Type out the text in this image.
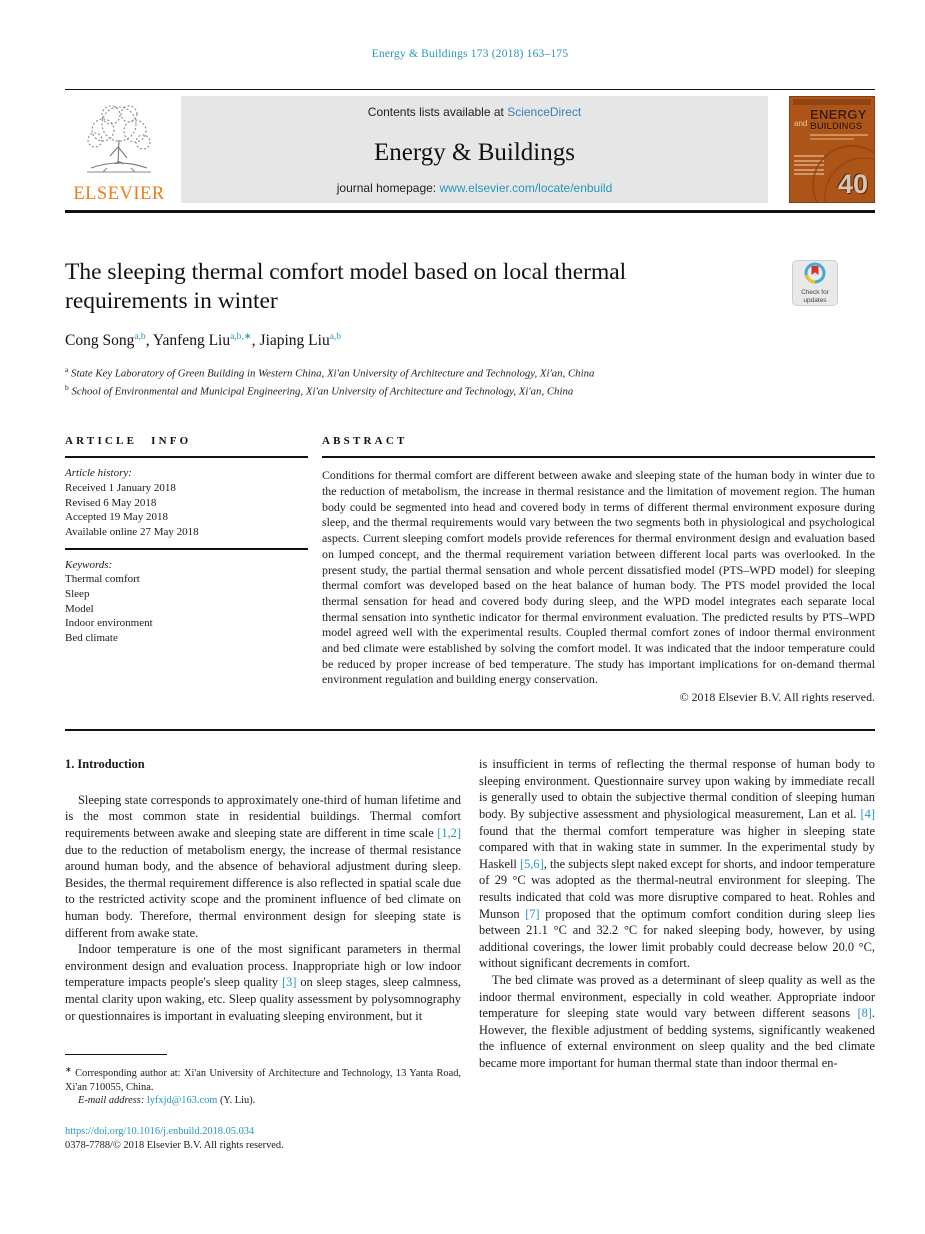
Energy & Buildings 173 (2018) 163–175
ELSEVIER
Contents lists available at ScienceDirect
Energy & Buildings
journal homepage: www.elsevier.com/locate/enbuild
and
ENERGY
BUILDINGS
40
The sleeping thermal comfort model based on local thermal requirements in winter	Check for
updates
Cong Song$^{a,b}$, Yanfeng Liu$^{a,b,∗}$, Jiaping Liu$^{a,b}$
$^a$ State Key Laboratory of Green Building in Western China, Xi'an University of Architecture and Technology, Xi'an, China
$^b$ School of Environmental and Municipal Engineering, Xi'an University of Architecture and Technology, Xi'an, China
ARTICLE INFO
Article history:
Received 1 January 2018
Revised 6 May 2018
Accepted 19 May 2018
Available online 27 May 2018
Keywords:
Thermal comfort
Sleep
Model
Indoor environment
Bed climate
ABSTRACT
Conditions for thermal comfort are different between awake and sleeping state of the human body in winter due to the reduction of metabolism, the increase in thermal resistance and the limitation of movement region. The human body could be segmented into head and covered body in terms of different thermal environment exposure during sleep, and the thermal requirements would vary between the two segments both in physiological and psychological aspects. Current sleeping comfort models provide references for thermal environment design and evaluation based on lumped concept, and the thermal requirement variation between different local parts was overlooked. In the present study, the partial thermal sensation and whole percent dissatisfied model (PTS–WPD model) for sleeping thermal comfort was developed based on the heat balance of human body. The PTS model provided the local thermal sensation for head and covered body during sleep, and the WPD model integrates each separate local thermal sensation into synthetic indicator for thermal environment evaluation. The predicted results by PTS–WPD model agreed well with the experimental results. Coupled thermal comfort zones of indoor thermal environment and bed climate were established by solving the comfort model. It was indicated that the indoor temperature could be reduced by proper increase of bed temperature. The study has important implications for on-demand thermal environment regulation and building energy conservation.
© 2018 Elsevier B.V. All rights reserved.
1. Introduction

Sleeping state corresponds to approximately one-third of human lifetime and is the most common state in residential buildings. Thermal comfort requirements between awake and sleeping state are different in time scale [1,2] due to the reduction of metabolism energy, the increase of thermal resistance around human body, and the absence of behavioral adjustment during sleep. Besides, the thermal requirement difference is also reflected in spatial scale due to the restricted activity scope and the prominent influence of bed climate on human body. Therefore, thermal environment design for sleeping state is different from awake state.

Indoor temperature is one of the most significant parameters in thermal environment design and evaluation process. Inappropriate high or low indoor temperature impacts people's sleep quality [3] on sleep stages, sleep calmness, mental clarity upon waking, etc. Sleep quality assessment by polysomnography or questionnaires is important in evaluating sleeping environment, but it

∗ Corresponding author at: Xi'an University of Architecture and Technology, 13 Yanta Road, Xi'an 710055, China.
E-mail address: lyfxjd@163.com (Y. Liu).
https://doi.org/10.1016/j.enbuild.2018.05.034
0378-7788/© 2018 Elsevier B.V. All rights reserved.

is insufficient in terms of reflecting the thermal response of human body to sleeping environment. Questionnaire survey upon waking by immediate recall is generally used to obtain the subjective thermal condition of sleeping human body. By subjective assessment and physiological measurement, Lan et al. [4] found that the thermal comfort temperature was higher in sleeping state compared with that in waking state in summer. In the experimental study by Haskell [5,6], the subjects slept naked except for shorts, and indoor temperature of 29 °C was adopted as the thermal-neutral environment for sleeping. The results indicated that cold was more disruptive compared to heat. Rohles and Munson [7] proposed that the optimum comfort condition during sleep lies between 21.1 °C and 32.2 °C for naked sleeping body, however, by using additional coverings, the lower limit probably could decrease below 20.0 °C, without significant decrements in comfort.

The bed climate was proved as a determinant of sleep quality as well as the indoor thermal environment, especially in cold weather. Appropriate indoor temperature for sleeping state would vary between different seasons [8]. However, the flexible adjustment of bedding systems, significantly weakened the influence of external environment on sleep quality and the bed climate became more important for human thermal state than indoor thermal en-
